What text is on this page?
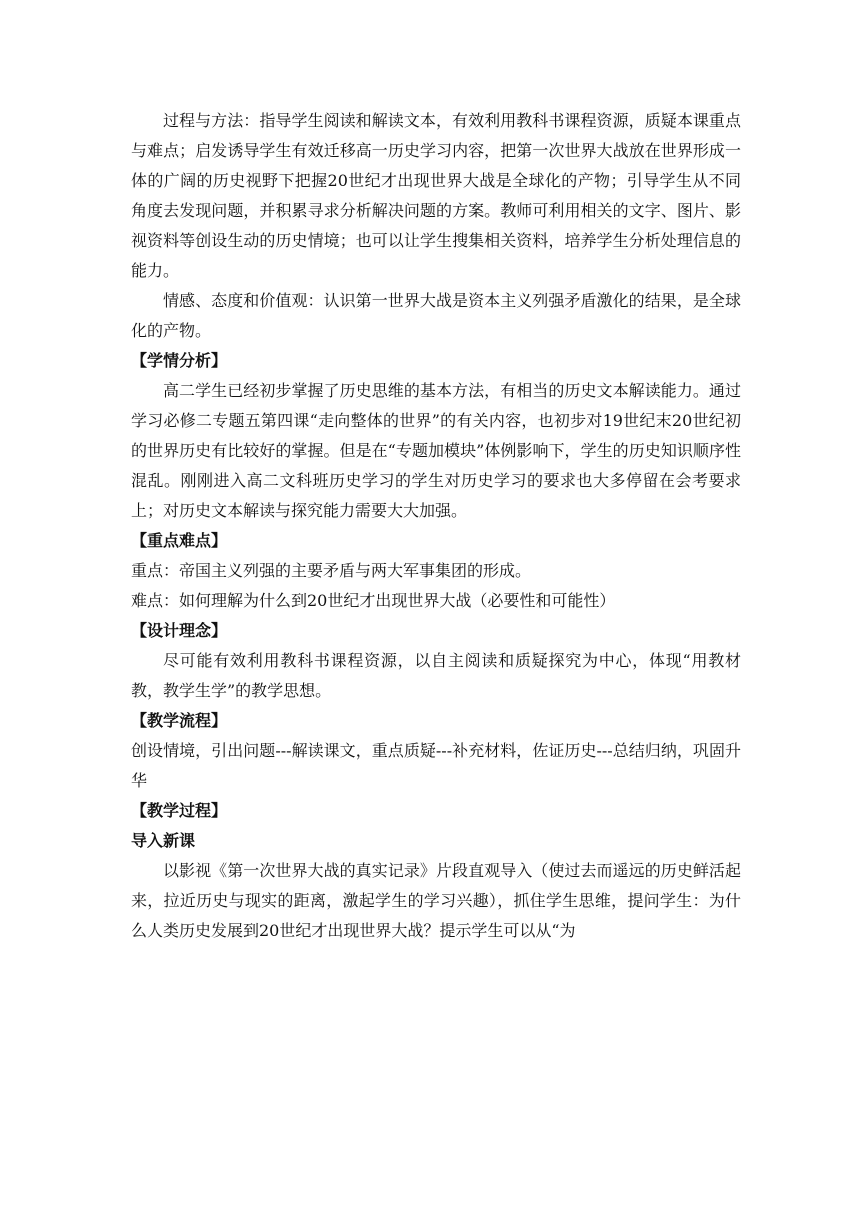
过程与方法：指导学生阅读和解读文本，有效利用教科书课程资源，质疑本课重点与难点；启发诱导学生有效迁移高一历史学习内容，把第一次世界大战放在世界形成一体的广阔的历史视野下把握20世纪才出现世界大战是全球化的产物；引导学生从不同角度去发现问题，并积累寻求分析解决问题的方案。教师可利用相关的文字、图片、影视资料等创设生动的历史情境；也可以让学生搜集相关资料，培养学生分析处理信息的能力。

情感、态度和价值观：认识第一世界大战是资本主义列强矛盾激化的结果，是全球化的产物。

【学情分析】

高二学生已经初步掌握了历史思维的基本方法，有相当的历史文本解读能力。通过学习必修二专题五第四课“走向整体的世界”的有关内容，也初步对19世纪末20世纪初的世界历史有比较好的掌握。但是在“专题加模块”体例影响下，学生的历史知识顺序性混乱。刚刚进入高二文科班历史学习的学生对历史学习的要求也大多停留在会考要求上；对历史文本解读与探究能力需要大大加强。

【重点难点】

重点：帝国主义列强的主要矛盾与两大军事集团的形成。

难点：如何理解为什么到20世纪才出现世界大战（必要性和可能性）

【设计理念】

尽可能有效利用教科书课程资源，以自主阅读和质疑探究为中心，体现“用教材教，教学生学”的教学思想。

【教学流程】

创设情境，引出问题---解读课文，重点质疑---补充材料，佐证历史---总结归纳，巩固升华

【教学过程】

导入新课

以影视《第一次世界大战的真实记录》片段直观导入（使过去而遥远的历史鲜活起来，拉近历史与现实的距离，激起学生的学习兴趣），抓住学生思维，提问学生：为什么人类历史发展到20世纪才出现世界大战？提示学生可以从“为
